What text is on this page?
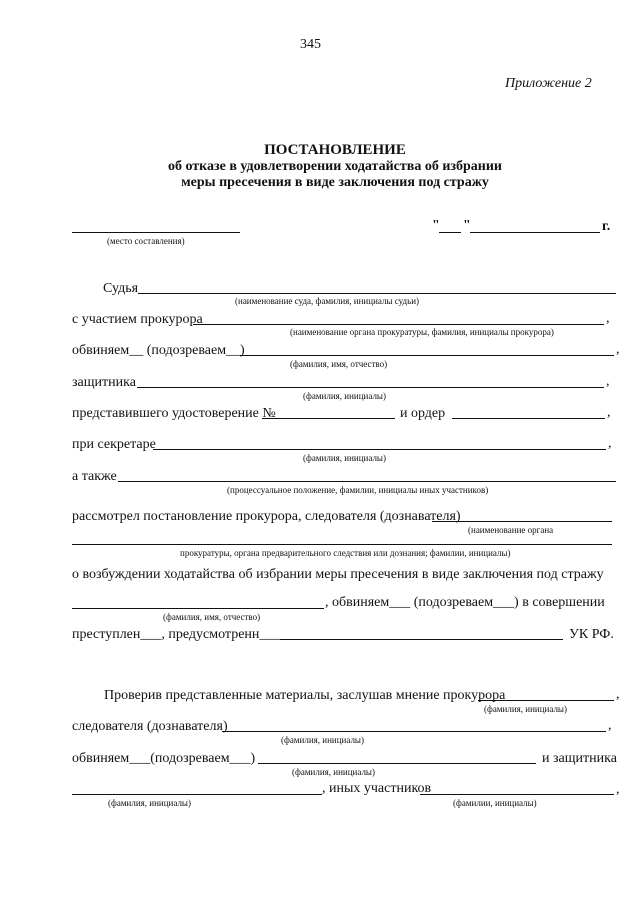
345
Приложение 2
ПОСТАНОВЛЕНИЕ
об отказе в удовлетворении ходатайства об избрании
меры пресечения в виде заключения под стражу
(место составления)
" "	г.
Судья
(наименование суда, фамилия, инициалы судьи)
с участием прокурора	,
(наименование органа прокуратуры, фамилия, инициалы прокурора)
обвиняем__ (подозреваем__)	,
(фамилия, имя, отчество)
защитника	,
(фамилия, инициалы)
представившего удостоверение №	и ордер	,
при секретаре	,
(фамилия, инициалы)
а также
(процессуальное положение, фамилии, инициалы иных участников)
рассмотрел постановление прокурора, следователя (дознавателя)
(наименование органа
прокуратуры, органа предварительного следствия или дознания; фамилии, инициалы)
о возбуждении ходатайства об избрании меры пресечения в виде заключения под стражу
(фамилия, имя, отчество)
, обвиняем___ (подозреваем___) в совершении
преступлен___, предусмотренн___	УК РФ.
Проверив представленные материалы, заслушав мнение прокурора	,
(фамилия, инициалы)
следователя (дознавателя)	,
(фамилия, инициалы)
обвиняем___(подозреваем___)
(фамилия, инициалы)
и защитника
, иных участников	,
(фамилия, инициалы)	(фамилии, инициалы)
